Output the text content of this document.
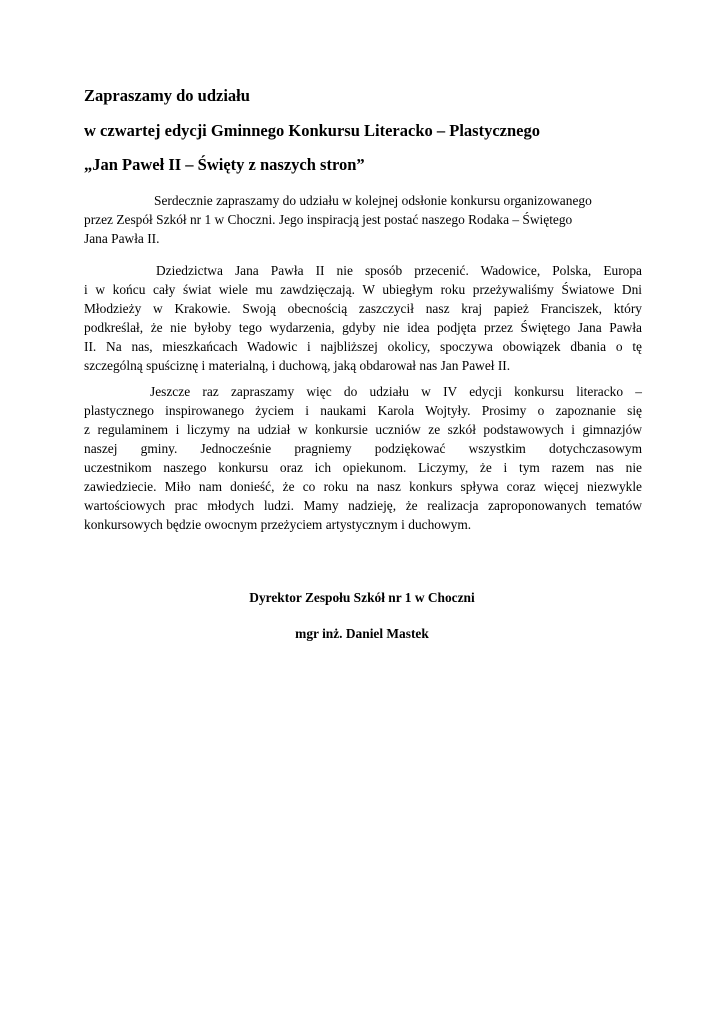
Zapraszamy do udziału
w czwartej edycji Gminnego Konkursu Literacko – Plastycznego
„Jan Paweł II – Święty z naszych stron”
Serdecznie zapraszamy do udziału w kolejnej odsłonie konkursu organizowanego
przez Zespół Szkół nr 1 w Choczni. Jego inspiracją jest postać naszego Rodaka – Świętego
Jana Pawła II.
Dziedzictwa Jana Pawła II nie sposób przecenić. Wadowice, Polska, Europa
i w końcu cały świat wiele mu zawdzięczają. W ubiegłym roku przeżywaliśmy Światowe Dni
Młodzieży w Krakowie. Swoją obecnością zaszczycił nasz kraj papież Franciszek, który
podkreślał, że nie byłoby tego wydarzenia, gdyby nie idea podjęta przez Świętego Jana Pawła
II. Na nas, mieszkańcach Wadowic i najbliższej okolicy, spoczywa obowiązek dbania o tę
szczególną spuściznę i materialną, i duchową, jaką obdarował nas Jan Paweł II.
Jeszcze raz zapraszamy więc do udziału w IV edycji konkursu literacko –
plastycznego inspirowanego życiem i naukami Karola Wojtyły. Prosimy o zapoznanie się
z regulaminem i liczymy na udział w konkursie uczniów ze szkół podstawowych i gimnazjów
naszej gminy. Jednocześnie pragniemy podziękować wszystkim dotychczasowym
uczestnikom naszego konkursu oraz ich opiekunom. Liczymy, że i tym razem nas nie
zawiedziecie. Miło nam donieść, że co roku na nasz konkurs spływa coraz więcej niezwykle
wartościowych prac młodych ludzi. Mamy nadzieję, że realizacja zaproponowanych tematów
konkursowych będzie owocnym przeżyciem artystycznym i duchowym.
Dyrektor Zespołu Szkół nr 1 w Choczni
mgr inż. Daniel Mastek
